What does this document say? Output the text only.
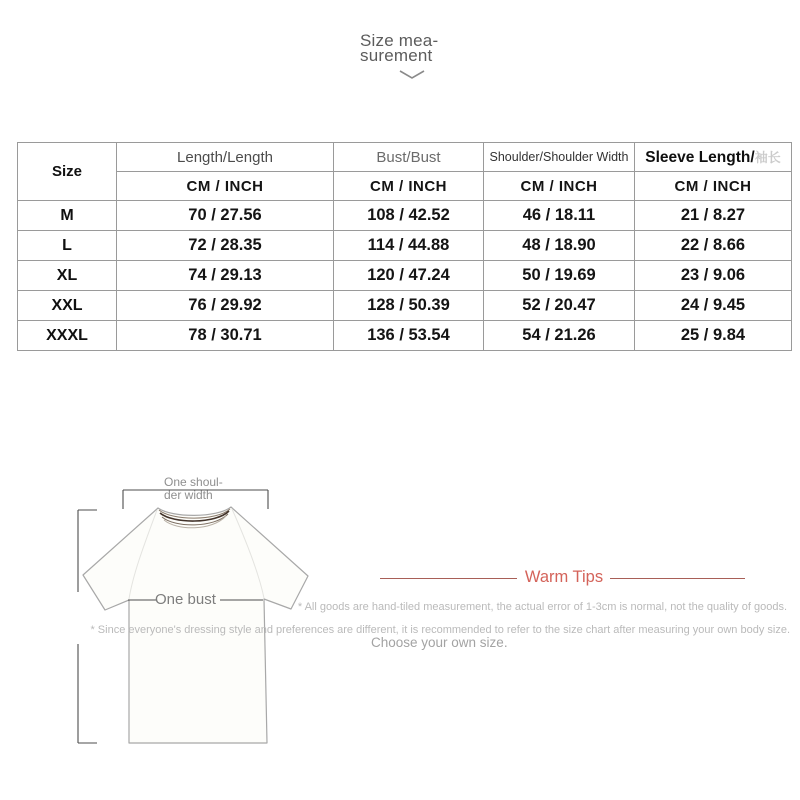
Size mea-
surement
Size	Length/Length	Bust/Bust	Shoulder/Shoulder Width	Sleeve Length/袖长
	CM / INCH	CM / INCH	CM / INCH	CM / INCH
M	70 / 27.56	108 / 42.52	46 / 18.11	21 / 8.27
L	72 / 28.35	114 / 44.88	48 / 18.90	22 / 8.66
XL	74 / 29.13	120 / 47.24	50 / 19.69	23 / 9.06
XXL	76 / 29.92	128 / 50.39	52 / 20.47	24 / 9.45
XXXL	78 / 30.71	136 / 53.54	54 / 21.26	25 / 9.84
One shoul-
der width
One bust
Warm Tips
* All goods are hand-tiled measurement, the actual error of 1-3cm is normal, not the quality of goods.
* Since everyone's dressing style and preferences are different, it is recommended to refer to the size chart after measuring your own body size.
Choose your own size.
